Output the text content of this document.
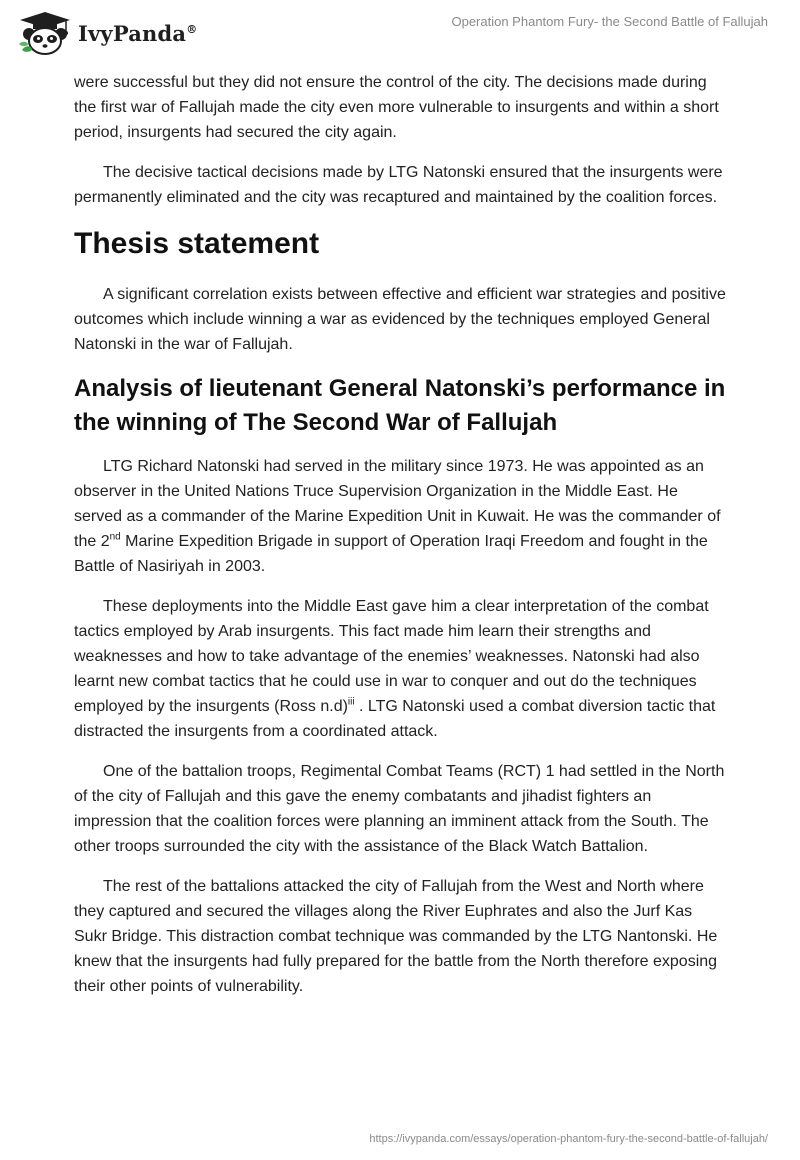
IvyPanda®	Operation Phantom Fury- the Second Battle of Fallujah

were successful but they did not ensure the control of the city. The decisions made during the first war of Fallujah made the city even more vulnerable to insurgents and within a short period, insurgents had secured the city again.

The decisive tactical decisions made by LTG Natonski ensured that the insurgents were permanently eliminated and the city was recaptured and maintained by the coalition forces.

Thesis statement

A significant correlation exists between effective and efficient war strategies and positive outcomes which include winning a war as evidenced by the techniques employed General Natonski in the war of Fallujah.

Analysis of lieutenant General Natonski’s performance in the winning of The Second War of Fallujah

LTG Richard Natonski had served in the military since 1973. He was appointed as an observer in the United Nations Truce Supervision Organization in the Middle East. He served as a commander of the Marine Expedition Unit in Kuwait. He was the commander of the 2nd Marine Expedition Brigade in support of Operation Iraqi Freedom and fought in the Battle of Nasiriyah in 2003.

These deployments into the Middle East gave him a clear interpretation of the combat tactics employed by Arab insurgents. This fact made him learn their strengths and weaknesses and how to take advantage of the enemies’ weaknesses. Natonski had also learnt new combat tactics that he could use in war to conquer and out do the techniques employed by the insurgents (Ross n.d)$^{iii}$ . LTG Natonski used a combat diversion tactic that distracted the insurgents from a coordinated attack.

One of the battalion troops, Regimental Combat Teams (RCT) 1 had settled in the North of the city of Fallujah and this gave the enemy combatants and jihadist fighters an impression that the coalition forces were planning an imminent attack from the South. The other troops surrounded the city with the assistance of the Black Watch Battalion.

The rest of the battalions attacked the city of Fallujah from the West and North where they captured and secured the villages along the River Euphrates and also the Jurf Kas Sukr Bridge. This distraction combat technique was commanded by the LTG Nantonski. He knew that the insurgents had fully prepared for the battle from the North therefore exposing their other points of vulnerability.

https://ivypanda.com/essays/operation-phantom-fury-the-second-battle-of-fallujah/
